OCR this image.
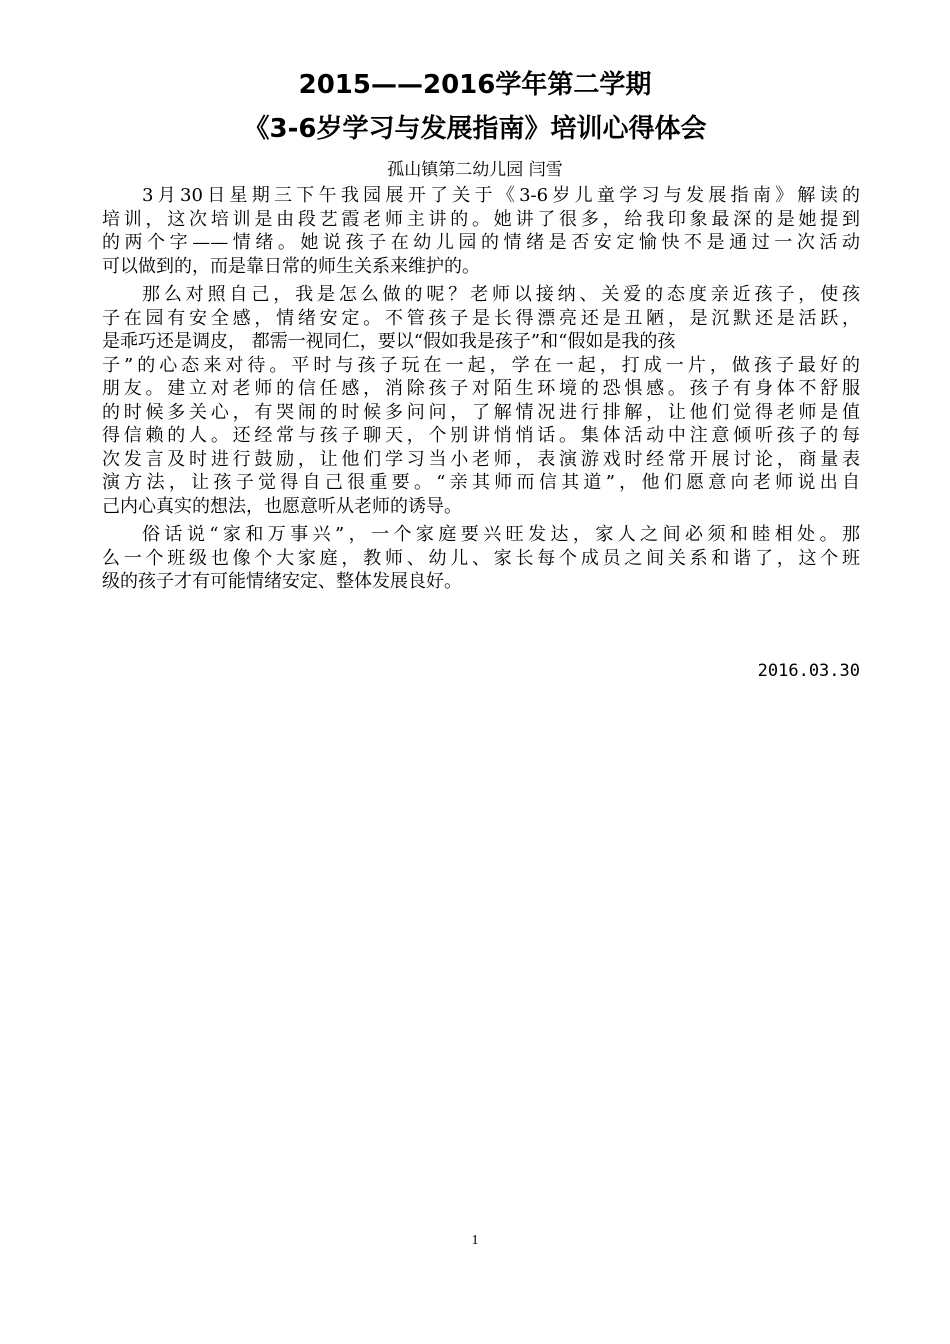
2015——2016学年第二学期
《3-6岁学习与发展指南》培训心得体会
孤山镇第二幼儿园 闫雪
3月30日星期三下午我园展开了关于《3-6岁儿童学习与发展指南》解读的
培训，这次培训是由段艺霞老师主讲的。她讲了很多，给我印象最深的是她提到
的两个字——情绪。她说孩子在幼儿园的情绪是否安定愉快不是通过一次活动
可以做到的，而是靠日常的师生关系来维护的。
那么对照自己，我是怎么做的呢？老师以接纳、关爱的态度亲近孩子，使孩
子在园有安全感，情绪安定。不管孩子是长得漂亮还是丑陋，是沉默还是活跃，
是乖巧还是调皮， 都需一视同仁，要以“假如我是孩子”和“假如是我的孩
子”的心态来对待。平时与孩子玩在一起，学在一起，打成一片，做孩子最好的
朋友。建立对老师的信任感，消除孩子对陌生环境的恐惧感。孩子有身体不舒服
的时候多关心，有哭闹的时候多问问，了解情况进行排解，让他们觉得老师是值
得信赖的人。还经常与孩子聊天，个别讲悄悄话。集体活动中注意倾听孩子的每
次发言及时进行鼓励，让他们学习当小老师，表演游戏时经常开展讨论，商量表
演方法，让孩子觉得自己很重要。“亲其师而信其道”，他们愿意向老师说出自
己内心真实的想法，也愿意听从老师的诱导。
俗话说“家和万事兴”，一个家庭要兴旺发达，家人之间必须和睦相处。那
么一个班级也像个大家庭，教师、幼儿、家长每个成员之间关系和谐了，这个班
级的孩子才有可能情绪安定、整体发展良好。
2016.03.30
1
